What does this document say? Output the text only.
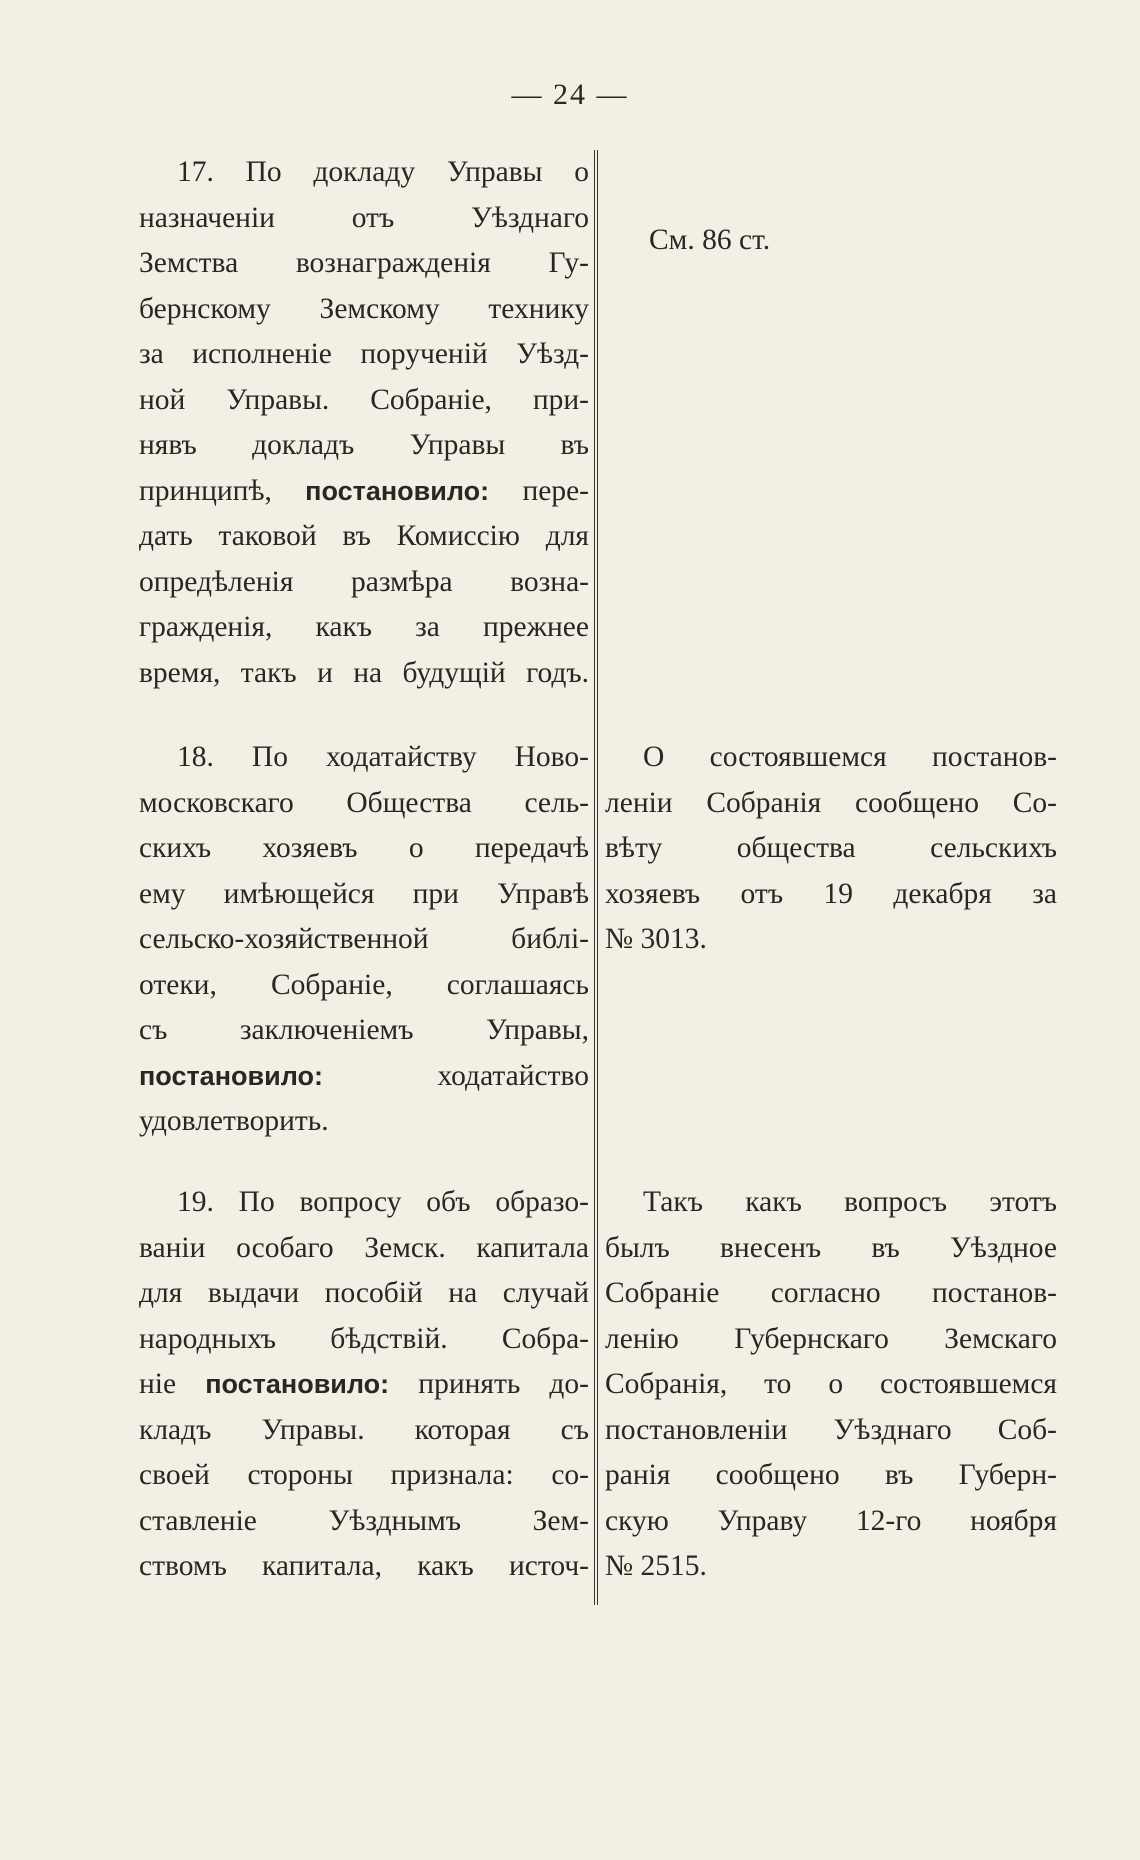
— 24 —
17. По докладу Управы о
назначенiи отъ Уѣзднаго
Земства вознагражденія Гу-
бернскому Земскому технику
за исполненіе порученій Уѣзд-
ной Управы. Собраніе, при-
нявъ докладъ Управы въ
принципѣ, постановило: пере-
дать таковой въ Комиссію для
опредѣленія размѣра возна-
гражденія, какъ за прежнее
время, такъ и на будущій годъ.
18. По ходатайству Ново-
московскаго Общества сель-
скихъ хозяевъ о передачѣ
ему имѣющейся при Управѣ
сельско-хозяйственной библі-
отеки, Собраніе, соглашаясь
съ заключеніемъ Управы,
постановило:	ходатайство
удовлетворить.
19. По вопросу объ образо-
ваніи особаго Земск. капитала
для выдачи пособій на случай
народныхъ бѣдствій. Собра-
ніе постановило: принять до-
кладъ Управы. которая съ
своей стороны признала: со-
ставленіе Уѣзднымъ Зем-
ствомъ капитала, какъ источ-
См. 86 ст.
О состоявшемся постанов-
леніи Собранія сообщено Со-
вѣту общества сельскихъ
хозяевъ отъ 19 декабря за
№ 3013.
Такъ какъ вопросъ этотъ
былъ внесенъ въ Уѣздное
Собраніе согласно постанов-
ленію Губернскаго Земскаго
Собранія, то о состоявшемся
постановленіи Уѣзднаго Соб-
ранія сообщено въ Губерн-
скую Управу 12-го ноября
№ 2515.
